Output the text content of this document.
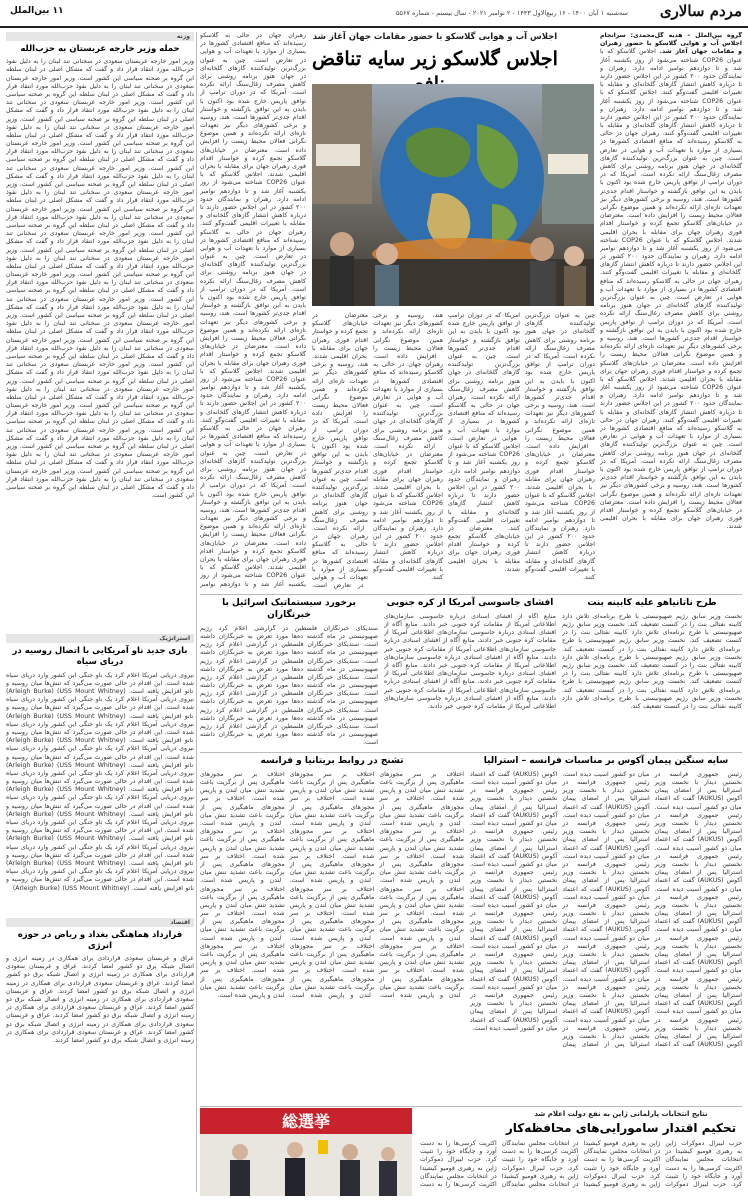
مردم سالاری
سه‌شنبه ۱ آبان ۱۴۰۰ - ۱۶ ربیع‌الاول ۱۴۴۳ - ۲ نوامبر ۲۰۲۱ - سال بیستم - شماره ۵۵۶۷
۱۱ بین‌الملل
اجلاس آب و هوایی گلاسکو با حضور مقامات جهان آغاز شد
اجلاس گلاسکو زیر سایه تناقض
گروه بین‌الملل – هدیه گل‌محمدی: سرانجام اجلاس آب و هوایی گلاسکو با حضور رهبران و مقامات جهان آغاز شد. اجلاس گلاسکو که با عنوان COP26 شناخته می‌شود از روز یکشنبه آغاز شد و تا دوازدهم نوامبر ادامه دارد. رهبران و نمایندگان حدود ۲۰۰ کشور در این اجلاس حضور دارند تا درباره کاهش انتشار گازهای گلخانه‌ای و مقابله با تغییرات اقلیمی گفت‌وگو کنند. اجلاس گلاسکو که با عنوان COP26 شناخته می‌شود از روز یکشنبه آغاز شد و تا دوازدهم نوامبر ادامه دارد. رهبران و نمایندگان حدود ۲۰۰ کشور در این اجلاس حضور دارند تا درباره کاهش انتشار گازهای گلخانه‌ای و مقابله با تغییرات اقلیمی گفت‌وگو کنند. رهبران جهان در حالی به گلاسکو رسیده‌اند که منافع اقتصادی کشورها در بسیاری از موارد با تعهدات آب و هوایی در تعارض است. چین به عنوان بزرگ‌ترین تولیدکننده گازهای گلخانه‌ای در جهان هنوز برنامه روشنی برای کاهش مصرف زغال‌سنگ ارائه نکرده است. آمریکا که در دوران ترامپ از توافق پاریس خارج شده بود اکنون با بایدن به این توافق بازگشته و خواستار اقدام جدی‌تر کشورها است. هند، روسیه و برخی کشورهای دیگر نیز تعهدات تازه‌ای ارائه نکرده‌اند و همین موضوع نگرانی فعالان محیط زیست را افزایش داده است. معترضان در خیابان‌های گلاسکو تجمع کرده و خواستار اقدام فوری رهبران جهان برای مقابله با بحران اقلیمی شدند. اجلاس گلاسکو که با عنوان COP26 شناخته می‌شود از روز یکشنبه آغاز شد و تا دوازدهم نوامبر ادامه دارد. رهبران و نمایندگان حدود ۲۰۰ کشور در این اجلاس حضور دارند تا درباره کاهش انتشار گازهای گلخانه‌ای و مقابله با تغییرات اقلیمی گفت‌وگو کنند. رهبران جهان در حالی به گلاسکو رسیده‌اند که منافع اقتصادی کشورها در بسیاری از موارد با تعهدات آب و هوایی در تعارض است. چین به عنوان بزرگ‌ترین تولیدکننده گازهای گلخانه‌ای در جهان هنوز برنامه روشنی برای کاهش مصرف زغال‌سنگ ارائه نکرده است. آمریکا که در دوران ترامپ از توافق پاریس خارج شده بود اکنون با بایدن به این توافق بازگشته و خواستار اقدام جدی‌تر کشورها است. هند، روسیه و برخی کشورهای دیگر نیز تعهدات تازه‌ای ارائه نکرده‌اند و همین موضوع نگرانی فعالان محیط زیست را افزایش داده است. معترضان در خیابان‌های گلاسکو تجمع کرده و خواستار اقدام فوری رهبران جهان برای مقابله با بحران اقلیمی شدند. اجلاس گلاسکو که با عنوان COP26 شناخته می‌شود از روز یکشنبه آغاز شد و تا دوازدهم نوامبر ادامه دارد. رهبران و نمایندگان حدود ۲۰۰ کشور در این اجلاس حضور دارند تا درباره کاهش انتشار گازهای گلخانه‌ای و مقابله با تغییرات اقلیمی گفت‌وگو کنند. رهبران جهان در حالی به گلاسکو رسیده‌اند که منافع اقتصادی کشورها در بسیاری از موارد با تعهدات آب و هوایی در تعارض است. چین به عنوان بزرگ‌ترین تولیدکننده گازهای گلخانه‌ای در جهان هنوز برنامه روشنی برای کاهش مصرف زغال‌سنگ ارائه نکرده است. آمریکا که در دوران ترامپ از توافق پاریس خارج شده بود اکنون با بایدن به این توافق بازگشته و خواستار اقدام جدی‌تر کشورها است. هند، روسیه و برخی کشورهای دیگر نیز تعهدات تازه‌ای ارائه نکرده‌اند و همین موضوع نگرانی فعالان محیط زیست را افزایش داده است. معترضان در خیابان‌های گلاسکو تجمع کرده و خواستار اقدام فوری رهبران جهان برای مقابله با بحران اقلیمی شدند.
معترضان در خیابان‌های گلاسکو تجمع کرده و خواستار اقدام فوری رهبران جهان برای مقابله با بحران اقلیمی شدند. هند، روسیه و برخی کشورهای دیگر نیز تعهدات تازه‌ای ارائه نکرده‌اند و همین موضوع نگرانی فعالان محیط زیست را افزایش داده است. آمریکا که در دوران ترامپ از توافق پاریس خارج شده بود اکنون با بایدن به این توافق بازگشته و خواستار اقدام جدی‌تر کشورها است. چین به عنوان بزرگ‌ترین تولیدکننده گازهای گلخانه‌ای در جهان هنوز برنامه روشنی برای کاهش مصرف زغال‌سنگ ارائه نکرده است. رهبران جهان در حالی به گلاسکو رسیده‌اند که منافع اقتصادی کشورها در بسیاری از موارد با تعهدات آب و هوایی در تعارض است.
هند، روسیه و برخی کشورهای دیگر نیز تعهدات تازه‌ای ارائه نکرده‌اند و همین موضوع نگرانی فعالان محیط زیست را افزایش داده است. رهبران جهان در حالی به گلاسکو رسیده‌اند که منافع اقتصادی کشورها در بسیاری از موارد با تعهدات آب و هوایی در تعارض است. چین به عنوان بزرگ‌ترین تولیدکننده گازهای گلخانه‌ای در جهان هنوز برنامه روشنی برای کاهش مصرف زغال‌سنگ ارائه نکرده است. معترضان در خیابان‌های گلاسکو تجمع کرده و خواستار اقدام فوری رهبران جهان برای مقابله با بحران اقلیمی شدند. اجلاس گلاسکو که با عنوان COP26 شناخته می‌شود از روز یکشنبه آغاز شد و تا دوازدهم نوامبر ادامه دارد. رهبران و نمایندگان حدود ۲۰۰ کشور در این اجلاس حضور دارند تا درباره کاهش انتشار گازهای گلخانه‌ای و مقابله با تغییرات اقلیمی گفت‌وگو کنند.
آمریکا که در دوران ترامپ از توافق پاریس خارج شده بود اکنون با بایدن به این توافق بازگشته و خواستار اقدام جدی‌تر کشورها است. چین به عنوان بزرگ‌ترین تولیدکننده گازهای گلخانه‌ای در جهان هنوز برنامه روشنی برای کاهش مصرف زغال‌سنگ ارائه نکرده است. رهبران جهان در حالی به گلاسکو رسیده‌اند که منافع اقتصادی کشورها در بسیاری از موارد با تعهدات آب و هوایی در تعارض است. اجلاس گلاسکو که با عنوان COP26 شناخته می‌شود از روز یکشنبه آغاز شد و تا دوازدهم نوامبر ادامه دارد. رهبران و نمایندگان حدود ۲۰۰ کشور در این اجلاس حضور دارند تا درباره کاهش انتشار گازهای گلخانه‌ای و مقابله با تغییرات اقلیمی گفت‌وگو کنند. معترضان در خیابان‌های گلاسکو تجمع کرده و خواستار اقدام فوری رهبران جهان برای مقابله با بحران اقلیمی شدند.
چین به عنوان بزرگ‌ترین تولیدکننده گازهای گلخانه‌ای در جهان هنوز برنامه روشنی برای کاهش مصرف زغال‌سنگ ارائه نکرده است. آمریکا که در دوران ترامپ از توافق پاریس خارج شده بود اکنون با بایدن به این توافق بازگشته و خواستار اقدام جدی‌تر کشورها است. هند، روسیه و برخی کشورهای دیگر نیز تعهدات تازه‌ای ارائه نکرده‌اند و همین موضوع نگرانی فعالان محیط زیست را افزایش داده است. معترضان در خیابان‌های گلاسکو تجمع کرده و خواستار اقدام فوری رهبران جهان برای مقابله با بحران اقلیمی شدند. اجلاس گلاسکو که با عنوان COP26 شناخته می‌شود از روز یکشنبه آغاز شد و تا دوازدهم نوامبر ادامه دارد. رهبران و نمایندگان حدود ۲۰۰ کشور در این اجلاس حضور دارند تا درباره کاهش انتشار گازهای گلخانه‌ای و مقابله با تغییرات اقلیمی گفت‌وگو کنند.
رهبران جهان در حالی به گلاسکو رسیده‌اند که منافع اقتصادی کشورها در بسیاری از موارد با تعهدات آب و هوایی در تعارض است. چین به عنوان بزرگ‌ترین تولیدکننده گازهای گلخانه‌ای در جهان هنوز برنامه روشنی برای کاهش مصرف زغال‌سنگ ارائه نکرده است. آمریکا که در دوران ترامپ از توافق پاریس خارج شده بود اکنون با بایدن به این توافق بازگشته و خواستار اقدام جدی‌تر کشورها است. هند، روسیه و برخی کشورهای دیگر نیز تعهدات تازه‌ای ارائه نکرده‌اند و همین موضوع نگرانی فعالان محیط زیست را افزایش داده است. معترضان در خیابان‌های گلاسکو تجمع کرده و خواستار اقدام فوری رهبران جهان برای مقابله با بحران اقلیمی شدند. اجلاس گلاسکو که با عنوان COP26 شناخته می‌شود از روز یکشنبه آغاز شد و تا دوازدهم نوامبر ادامه دارد. رهبران و نمایندگان حدود ۲۰۰ کشور در این اجلاس حضور دارند تا درباره کاهش انتشار گازهای گلخانه‌ای و مقابله با تغییرات اقلیمی گفت‌وگو کنند. رهبران جهان در حالی به گلاسکو رسیده‌اند که منافع اقتصادی کشورها در بسیاری از موارد با تعهدات آب و هوایی در تعارض است. چین به عنوان بزرگ‌ترین تولیدکننده گازهای گلخانه‌ای در جهان هنوز برنامه روشنی برای کاهش مصرف زغال‌سنگ ارائه نکرده است. آمریکا که در دوران ترامپ از توافق پاریس خارج شده بود اکنون با بایدن به این توافق بازگشته و خواستار اقدام جدی‌تر کشورها است. هند، روسیه و برخی کشورهای دیگر نیز تعهدات تازه‌ای ارائه نکرده‌اند و همین موضوع نگرانی فعالان محیط زیست را افزایش داده است. معترضان در خیابان‌های گلاسکو تجمع کرده و خواستار اقدام فوری رهبران جهان برای مقابله با بحران اقلیمی شدند. اجلاس گلاسکو که با عنوان COP26 شناخته می‌شود از روز یکشنبه آغاز شد و تا دوازدهم نوامبر ادامه دارد. رهبران و نمایندگان حدود ۲۰۰ کشور در این اجلاس حضور دارند تا درباره کاهش انتشار گازهای گلخانه‌ای و مقابله با تغییرات اقلیمی گفت‌وگو کنند. رهبران جهان در حالی به گلاسکو رسیده‌اند که منافع اقتصادی کشورها در بسیاری از موارد با تعهدات آب و هوایی در تعارض است. چین به عنوان بزرگ‌ترین تولیدکننده گازهای گلخانه‌ای در جهان هنوز برنامه روشنی برای کاهش مصرف زغال‌سنگ ارائه نکرده است. آمریکا که در دوران ترامپ از توافق پاریس خارج شده بود اکنون با بایدن به این توافق بازگشته و خواستار اقدام جدی‌تر کشورها است. هند، روسیه و برخی کشورهای دیگر نیز تعهدات تازه‌ای ارائه نکرده‌اند و همین موضوع نگرانی فعالان محیط زیست را افزایش داده است. معترضان در خیابان‌های گلاسکو تجمع کرده و خواستار اقدام فوری رهبران جهان برای مقابله با بحران اقلیمی شدند. اجلاس گلاسکو که با عنوان COP26 شناخته می‌شود از روز یکشنبه آغاز شد و تا دوازدهم نوامبر
وزنه
حمله وزیر خارجه عربستان به حزب‌الله
وزیر امور خارجه عربستان سعودی در سخنانی تند لبنان را به دلیل نفوذ حزب‌الله مورد انتقاد قرار داد و گفت که مشکل اصلی در لبنان سلطه این گروه بر صحنه سیاسی این کشور است. وزیر امور خارجه عربستان سعودی در سخنانی تند لبنان را به دلیل نفوذ حزب‌الله مورد انتقاد قرار داد و گفت که مشکل اصلی در لبنان سلطه این گروه بر صحنه سیاسی این کشور است. وزیر امور خارجه عربستان سعودی در سخنانی تند لبنان را به دلیل نفوذ حزب‌الله مورد انتقاد قرار داد و گفت که مشکل اصلی در لبنان سلطه این گروه بر صحنه سیاسی این کشور است. وزیر امور خارجه عربستان سعودی در سخنانی تند لبنان را به دلیل نفوذ حزب‌الله مورد انتقاد قرار داد و گفت که مشکل اصلی در لبنان سلطه این گروه بر صحنه سیاسی این کشور است. وزیر امور خارجه عربستان سعودی در سخنانی تند لبنان را به دلیل نفوذ حزب‌الله مورد انتقاد قرار داد و گفت که مشکل اصلی در لبنان سلطه این گروه بر صحنه سیاسی این کشور است. وزیر امور خارجه عربستان سعودی در سخنانی تند لبنان را به دلیل نفوذ حزب‌الله مورد انتقاد قرار داد و گفت که مشکل اصلی در لبنان سلطه این گروه بر صحنه سیاسی این کشور است. وزیر امور خارجه عربستان سعودی در سخنانی تند لبنان را به دلیل نفوذ حزب‌الله مورد انتقاد قرار داد و گفت که مشکل اصلی در لبنان سلطه این گروه بر صحنه سیاسی این کشور است. وزیر امور خارجه عربستان سعودی در سخنانی تند لبنان را به دلیل نفوذ حزب‌الله مورد انتقاد قرار داد و گفت که مشکل اصلی در لبنان سلطه این گروه بر صحنه سیاسی این کشور است. وزیر امور خارجه عربستان سعودی در سخنانی تند لبنان را به دلیل نفوذ حزب‌الله مورد انتقاد قرار داد و گفت که مشکل اصلی در لبنان سلطه این گروه بر صحنه سیاسی این کشور است. وزیر امور خارجه عربستان سعودی در سخنانی تند لبنان را به دلیل نفوذ حزب‌الله مورد انتقاد قرار داد و گفت که مشکل اصلی در لبنان سلطه این گروه بر صحنه سیاسی این کشور است. وزیر امور خارجه عربستان سعودی در سخنانی تند لبنان را به دلیل نفوذ حزب‌الله مورد انتقاد قرار داد و گفت که مشکل اصلی در لبنان سلطه این گروه بر صحنه سیاسی این کشور است. وزیر امور خارجه عربستان سعودی در سخنانی تند لبنان را به دلیل نفوذ حزب‌الله مورد انتقاد قرار داد و گفت که مشکل اصلی در لبنان سلطه این گروه بر صحنه سیاسی این کشور است. وزیر امور خارجه عربستان سعودی در سخنانی تند لبنان را به دلیل نفوذ حزب‌الله مورد انتقاد قرار داد و گفت که مشکل اصلی در لبنان سلطه این گروه بر صحنه سیاسی این کشور است. وزیر امور خارجه عربستان سعودی در سخنانی تند لبنان را به دلیل نفوذ حزب‌الله مورد انتقاد قرار داد و گفت که مشکل اصلی در لبنان سلطه این گروه بر صحنه سیاسی این کشور است. وزیر امور خارجه عربستان سعودی در سخنانی تند لبنان را به دلیل نفوذ حزب‌الله مورد انتقاد قرار داد و گفت که مشکل اصلی در لبنان سلطه این گروه بر صحنه سیاسی این کشور است. وزیر امور خارجه عربستان سعودی در سخنانی تند لبنان را به دلیل نفوذ حزب‌الله مورد انتقاد قرار داد و گفت که مشکل اصلی در لبنان سلطه این گروه بر صحنه سیاسی این کشور است. وزیر امور خارجه عربستان سعودی در سخنانی تند لبنان را به دلیل نفوذ حزب‌الله مورد انتقاد قرار داد و گفت که مشکل اصلی در لبنان سلطه این گروه بر صحنه سیاسی این کشور است. وزیر امور خارجه عربستان سعودی در سخنانی تند لبنان را به دلیل نفوذ حزب‌الله مورد انتقاد قرار داد و گفت که مشکل اصلی در لبنان سلطه این گروه بر صحنه سیاسی این کشور است. وزیر امور خارجه عربستان سعودی در سخنانی تند لبنان را به دلیل نفوذ حزب‌الله مورد انتقاد قرار داد و گفت که مشکل اصلی در لبنان سلطه این گروه بر صحنه سیاسی این کشور است. وزیر امور خارجه عربستان سعودی در سخنانی تند لبنان را به دلیل نفوذ حزب‌الله مورد انتقاد قرار داد و گفت که مشکل اصلی در لبنان سلطه این گروه بر صحنه سیاسی این کشور است.
استراتژیک
بازی جدید ناو آمریکایی با اتصال روسیه در دریای سیاه
نیروی دریایی آمریکا اعلام کرد یک ناو جنگی این کشور وارد دریای سیاه شده است. این اقدام در حالی صورت می‌گیرد که تنش‌ها میان روسیه و ناتو افزایش یافته است. (USS Mount Whitney) (Arleigh Burke) نیروی دریایی آمریکا اعلام کرد یک ناو جنگی این کشور وارد دریای سیاه شده است. این اقدام در حالی صورت می‌گیرد که تنش‌ها میان روسیه و ناتو افزایش یافته است. (USS Mount Whitney) (Arleigh Burke) نیروی دریایی آمریکا اعلام کرد یک ناو جنگی این کشور وارد دریای سیاه شده است. این اقدام در حالی صورت می‌گیرد که تنش‌ها میان روسیه و ناتو افزایش یافته است. (USS Mount Whitney) (Arleigh Burke) نیروی دریایی آمریکا اعلام کرد یک ناو جنگی این کشور وارد دریای سیاه شده است. این اقدام در حالی صورت می‌گیرد که تنش‌ها میان روسیه و ناتو افزایش یافته است. (USS Mount Whitney) (Arleigh Burke) نیروی دریایی آمریکا اعلام کرد یک ناو جنگی این کشور وارد دریای سیاه شده است. این اقدام در حالی صورت می‌گیرد که تنش‌ها میان روسیه و ناتو افزایش یافته است. (USS Mount Whitney) (Arleigh Burke) نیروی دریایی آمریکا اعلام کرد یک ناو جنگی این کشور وارد دریای سیاه شده است. این اقدام در حالی صورت می‌گیرد که تنش‌ها میان روسیه و ناتو افزایش یافته است. (USS Mount Whitney) (Arleigh Burke) نیروی دریایی آمریکا اعلام کرد یک ناو جنگی این کشور وارد دریای سیاه شده است. این اقدام در حالی صورت می‌گیرد که تنش‌ها میان روسیه و ناتو افزایش یافته است. (USS Mount Whitney) (Arleigh Burke) نیروی دریایی آمریکا اعلام کرد یک ناو جنگی این کشور وارد دریای سیاه شده است. این اقدام در حالی صورت می‌گیرد که تنش‌ها میان روسیه و ناتو افزایش یافته است. (USS Mount Whitney) (Arleigh Burke) نیروی دریایی آمریکا اعلام کرد یک ناو جنگی این کشور وارد دریای سیاه شده است. این اقدام در حالی صورت می‌گیرد که تنش‌ها میان روسیه و ناتو افزایش یافته است. (USS Mount Whitney) (Arleigh Burke)
اقتصاد
قرارداد هماهنگی بغداد و ریاض در حوزه انرژی
عراق و عربستان سعودی قراردادی برای همکاری در زمینه انرژی و اتصال شبکه برق دو کشور امضا کردند. عراق و عربستان سعودی قراردادی برای همکاری در زمینه انرژی و اتصال شبکه برق دو کشور امضا کردند. عراق و عربستان سعودی قراردادی برای همکاری در زمینه انرژی و اتصال شبکه برق دو کشور امضا کردند. عراق و عربستان سعودی قراردادی برای همکاری در زمینه انرژی و اتصال شبکه برق دو کشور امضا کردند. عراق و عربستان سعودی قراردادی برای همکاری در زمینه انرژی و اتصال شبکه برق دو کشور امضا کردند. عراق و عربستان سعودی قراردادی برای همکاری در زمینه انرژی و اتصال شبکه برق دو کشور امضا کردند. عراق و عربستان سعودی قراردادی برای همکاری در زمینه انرژی و اتصال شبکه برق دو کشور امضا کردند.
طرح ناتانیاهو علیه کابینه بنت
نخست وزیر سابق رژیم صهیونیستی با طرح برنامه‌ای تلاش دارد کابینه نفتالی بنت را در کنست تضعیف کند. نخست وزیر سابق رژیم صهیونیستی با طرح برنامه‌ای تلاش دارد کابینه نفتالی بنت را در کنست تضعیف کند. نخست وزیر سابق رژیم صهیونیستی با طرح برنامه‌ای تلاش دارد کابینه نفتالی بنت را در کنست تضعیف کند. نخست وزیر سابق رژیم صهیونیستی با طرح برنامه‌ای تلاش دارد کابینه نفتالی بنت را در کنست تضعیف کند. نخست وزیر سابق رژیم صهیونیستی با طرح برنامه‌ای تلاش دارد کابینه نفتالی بنت را در کنست تضعیف کند. نخست وزیر سابق رژیم صهیونیستی با طرح برنامه‌ای تلاش دارد کابینه نفتالی بنت را در کنست تضعیف کند. نخست وزیر سابق رژیم صهیونیستی با طرح برنامه‌ای تلاش دارد کابینه نفتالی بنت را در کنست تضعیف کند.
افشای جاسوسی آمریکا از کره جنوبی
منابع آگاه از افشای اسنادی درباره جاسوسی سازمان‌های اطلاعاتی آمریکا از مقامات کره جنوبی خبر دادند. منابع آگاه از افشای اسنادی درباره جاسوسی سازمان‌های اطلاعاتی آمریکا از مقامات کره جنوبی خبر دادند. منابع آگاه از افشای اسنادی درباره جاسوسی سازمان‌های اطلاعاتی آمریکا از مقامات کره جنوبی خبر دادند. منابع آگاه از افشای اسنادی درباره جاسوسی سازمان‌های اطلاعاتی آمریکا از مقامات کره جنوبی خبر دادند. منابع آگاه از افشای اسنادی درباره جاسوسی سازمان‌های اطلاعاتی آمریکا از مقامات کره جنوبی خبر دادند. منابع آگاه از افشای اسنادی درباره جاسوسی سازمان‌های اطلاعاتی آمریکا از مقامات کره جنوبی خبر دادند. منابع آگاه از افشای اسنادی درباره جاسوسی سازمان‌های اطلاعاتی آمریکا از مقامات کره جنوبی خبر دادند.
برخورد سیستماتیک اسرائیل با خبرنگاران
سندیکای خبرنگاران فلسطین در گزارشی اعلام کرد رژیم صهیونیستی در ماه گذشته ده‌ها مورد تعرض به خبرنگاران داشته است. سندیکای خبرنگاران فلسطین در گزارشی اعلام کرد رژیم صهیونیستی در ماه گذشته ده‌ها مورد تعرض به خبرنگاران داشته است. سندیکای خبرنگاران فلسطین در گزارشی اعلام کرد رژیم صهیونیستی در ماه گذشته ده‌ها مورد تعرض به خبرنگاران داشته است. سندیکای خبرنگاران فلسطین در گزارشی اعلام کرد رژیم صهیونیستی در ماه گذشته ده‌ها مورد تعرض به خبرنگاران داشته است. سندیکای خبرنگاران فلسطین در گزارشی اعلام کرد رژیم صهیونیستی در ماه گذشته ده‌ها مورد تعرض به خبرنگاران داشته است. سندیکای خبرنگاران فلسطین در گزارشی اعلام کرد رژیم صهیونیستی در ماه گذشته ده‌ها مورد تعرض به خبرنگاران داشته است. سندیکای خبرنگاران فلسطین در گزارشی اعلام کرد رژیم صهیونیستی در ماه گذشته ده‌ها مورد تعرض به خبرنگاران داشته است.
سایه سنگین پیمان آکوس بر مناسبات فرانسه – استرالیا
رئیس جمهوری فرانسه در نخستین دیدار با نخست وزیر استرالیا پس از امضای پیمان آکوس (AUKUS) گفت که اعتماد میان دو کشور آسیب دیده است. رئیس جمهوری فرانسه در نخستین دیدار با نخست وزیر استرالیا پس از امضای پیمان آکوس (AUKUS) گفت که اعتماد میان دو کشور آسیب دیده است. رئیس جمهوری فرانسه در نخستین دیدار با نخست وزیر استرالیا پس از امضای پیمان آکوس (AUKUS) گفت که اعتماد میان دو کشور آسیب دیده است. رئیس جمهوری فرانسه در نخستین دیدار با نخست وزیر استرالیا پس از امضای پیمان آکوس (AUKUS) گفت که اعتماد میان دو کشور آسیب دیده است. رئیس جمهوری فرانسه در نخستین دیدار با نخست وزیر استرالیا پس از امضای پیمان آکوس (AUKUS) گفت که اعتماد میان دو کشور آسیب دیده است. رئیس جمهوری فرانسه در نخستین دیدار با نخست وزیر استرالیا پس از امضای پیمان آکوس (AUKUS) گفت که اعتماد میان دو کشور آسیب دیده است. رئیس جمهوری فرانسه در نخستین دیدار با نخست وزیر استرالیا پس از امضای پیمان آکوس (AUKUS) گفت که اعتماد میان دو کشور آسیب دیده است. رئیس جمهوری فرانسه در نخستین دیدار با نخست وزیر استرالیا پس از امضای پیمان آکوس (AUKUS) گفت که اعتماد میان دو کشور آسیب دیده است. رئیس جمهوری فرانسه در نخستین دیدار با نخست وزیر استرالیا پس از امضای پیمان آکوس (AUKUS) گفت که اعتماد میان دو کشور آسیب دیده است. رئیس جمهوری فرانسه در نخستین دیدار با نخست وزیر استرالیا پس از امضای پیمان آکوس (AUKUS) گفت که اعتماد میان دو کشور آسیب دیده است. رئیس جمهوری فرانسه در نخستین دیدار با نخست وزیر استرالیا پس از امضای پیمان آکوس (AUKUS) گفت که اعتماد میان دو کشور آسیب دیده است. رئیس جمهوری فرانسه در نخستین دیدار با نخست وزیر استرالیا پس از امضای پیمان آکوس (AUKUS) گفت که اعتماد میان دو کشور آسیب دیده است. رئیس جمهوری فرانسه در نخستین دیدار با نخست وزیر استرالیا پس از امضای پیمان آکوس (AUKUS) گفت که اعتماد میان دو کشور آسیب دیده است. رئیس جمهوری فرانسه در نخستین دیدار با نخست وزیر استرالیا پس از امضای پیمان آکوس (AUKUS) گفت که اعتماد میان دو کشور آسیب دیده است. رئیس جمهوری فرانسه در نخستین دیدار با نخست وزیر استرالیا پس از امضای پیمان آکوس (AUKUS) گفت که اعتماد میان دو کشور آسیب دیده است. رئیس جمهوری فرانسه در نخستین دیدار با نخست وزیر استرالیا پس از امضای پیمان آکوس (AUKUS) گفت که اعتماد میان دو کشور آسیب دیده است. رئیس جمهوری فرانسه در نخستین دیدار با نخست وزیر استرالیا پس از امضای پیمان آکوس (AUKUS) گفت که اعتماد میان دو کشور آسیب دیده است. رئیس جمهوری فرانسه در نخستین دیدار با نخست وزیر استرالیا پس از امضای پیمان آکوس (AUKUS) گفت که اعتماد میان دو کشور آسیب دیده است. رئیس جمهوری فرانسه در نخستین دیدار با نخست وزیر استرالیا پس از امضای پیمان آکوس (AUKUS) گفت که اعتماد میان دو کشور آسیب دیده است. رئیس جمهوری فرانسه در نخستین دیدار با نخست وزیر استرالیا پس از امضای پیمان آکوس (AUKUS) گفت که اعتماد میان دو کشور آسیب دیده است.
تشنج در روابط بریتانیا و فرانسه
اختلاف بر سر مجوزهای ماهیگیری پس از برگزیت باعث تشدید تنش میان لندن و پاریس شده است. اختلاف بر سر مجوزهای ماهیگیری پس از برگزیت باعث تشدید تنش میان لندن و پاریس شده است. اختلاف بر سر مجوزهای ماهیگیری پس از برگزیت باعث تشدید تنش میان لندن و پاریس شده است. اختلاف بر سر مجوزهای ماهیگیری پس از برگزیت باعث تشدید تنش میان لندن و پاریس شده است. اختلاف بر سر مجوزهای ماهیگیری پس از برگزیت باعث تشدید تنش میان لندن و پاریس شده است. اختلاف بر سر مجوزهای ماهیگیری پس از برگزیت باعث تشدید تنش میان لندن و پاریس شده است. اختلاف بر سر مجوزهای ماهیگیری پس از برگزیت باعث تشدید تنش میان لندن و پاریس شده است. اختلاف بر سر مجوزهای ماهیگیری پس از برگزیت باعث تشدید تنش میان لندن و پاریس شده است. اختلاف بر سر مجوزهای ماهیگیری پس از برگزیت باعث تشدید تنش میان لندن و پاریس شده است. اختلاف بر سر مجوزهای ماهیگیری پس از برگزیت باعث تشدید تنش میان لندن و پاریس شده است. اختلاف بر سر مجوزهای ماهیگیری پس از برگزیت باعث تشدید تنش میان لندن و پاریس شده است. اختلاف بر سر مجوزهای ماهیگیری پس از برگزیت باعث تشدید تنش میان لندن و پاریس شده است. اختلاف بر سر مجوزهای ماهیگیری پس از برگزیت باعث تشدید تنش میان لندن و پاریس شده است. اختلاف بر سر مجوزهای ماهیگیری پس از برگزیت باعث تشدید تنش میان لندن و پاریس شده است. اختلاف بر سر مجوزهای ماهیگیری پس از برگزیت باعث تشدید تنش میان لندن و پاریس شده است. اختلاف بر سر مجوزهای ماهیگیری پس از برگزیت باعث تشدید تنش میان لندن و پاریس شده است. اختلاف بر سر مجوزهای ماهیگیری پس از برگزیت باعث تشدید تنش میان لندن و پاریس شده است. اختلاف بر سر مجوزهای ماهیگیری پس از برگزیت باعث تشدید تنش میان لندن و پاریس شده است. اختلاف بر سر مجوزهای ماهیگیری پس از برگزیت باعث تشدید تنش میان لندن و پاریس شده است. اختلاف بر سر مجوزهای ماهیگیری پس از برگزیت باعث تشدید تنش میان لندن و پاریس شده است. اختلاف بر سر مجوزهای ماهیگیری پس از برگزیت باعث تشدید تنش میان لندن و پاریس شده است. اختلاف بر سر مجوزهای ماهیگیری پس از برگزیت باعث تشدید تنش میان لندن و پاریس شده است. اختلاف بر سر مجوزهای ماهیگیری پس از برگزیت باعث تشدید تنش میان لندن و پاریس شده است. اختلاف بر سر مجوزهای ماهیگیری پس از برگزیت باعث تشدید تنش میان لندن و پاریس شده است.
نتایج انتخابات پارلمانی ژاپن به نفع دولت اعلام شد
تحکیم اقتدار سامورایی‌های محافظه‌کار
総選挙
حزب لیبرال دموکرات ژاپن به رهبری فومیو کیشیدا در انتخابات مجلس نمایندگان اکثریت کرسی‌ها را به دست آورد و جایگاه خود را تثبیت کرد. حزب لیبرال دموکرات ژاپن به رهبری فومیو کیشیدا در انتخابات مجلس نمایندگان اکثریت کرسی‌ها را به دست آورد و جایگاه خود را تثبیت کرد. حزب لیبرال دموکرات ژاپن به رهبری فومیو کیشیدا در انتخابات مجلس نمایندگان اکثریت کرسی‌ها را به دست آورد و جایگاه خود را تثبیت کرد. حزب لیبرال دموکرات ژاپن به رهبری فومیو کیشیدا در انتخابات مجلس نمایندگان اکثریت کرسی‌ها را به دست آورد و جایگاه خود را تثبیت کرد. حزب لیبرال دموکرات ژاپن به رهبری فومیو کیشیدا در انتخابات مجلس نمایندگان اکثریت کرسی‌ها را به دست
